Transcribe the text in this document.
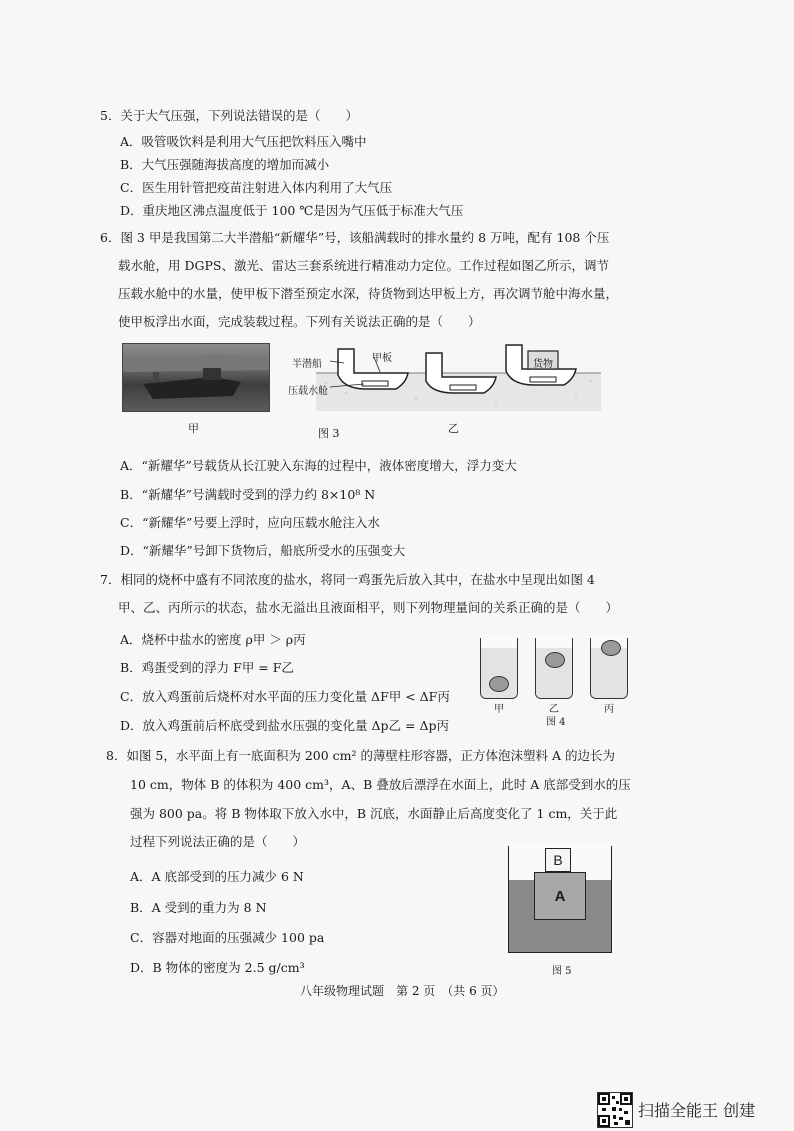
5．关于大气压强，下列说法错误的是（　　）
A．吸管吸饮料是利用大气压把饮料压入嘴中
B．大气压强随海拔高度的增加而减小
C．医生用针管把疫苗注射进入体内利用了大气压
D．重庆地区沸点温度低于 100 ℃是因为气压低于标准大气压
6．图 3 甲是我国第二大半潜船“新耀华”号，该船满载时的排水量约 8 万吨，配有 108 个压
载水舱，用 DGPS、激光、雷达三套系统进行精准动力定位。工作过程如图乙所示，调节
压载水舱中的水量，使甲板下潜至预定水深，待货物到达甲板上方，再次调节舱中海水量，
使甲板浮出水面，完成装载过程。下列有关说法正确的是（　　）
甲
半潜船
甲板
压载水舱
货物
图 3	乙
A．“新耀华”号载货从长江驶入东海的过程中，液体密度增大，浮力变大
B．“新耀华”号满载时受到的浮力约 8×10⁸ N
C．“新耀华”号要上浮时，应向压载水舱注入水
D．“新耀华”号卸下货物后，船底所受水的压强变大
7．相同的烧杯中盛有不同浓度的盐水，将同一鸡蛋先后放入其中，在盐水中呈现出如图 4
甲、乙、丙所示的状态，盐水无溢出且液面相平，则下列物理量间的关系正确的是（　　）
A．烧杯中盐水的密度 ρ甲 ＞ ρ丙
B．鸡蛋受到的浮力 F甲 = F乙
C．放入鸡蛋前后烧杯对水平面的压力变化量 ΔF甲 < ΔF丙
D．放入鸡蛋前后杯底受到盐水压强的变化量 Δp乙 = Δp丙
甲	乙	丙
图 4
8．如图 5，水平面上有一底面积为 200 cm² 的薄壁柱形容器，正方体泡沫塑料 A 的边长为
10 cm，物体 B 的体积为 400 cm³，A、B 叠放后漂浮在水面上，此时 A 底部受到水的压
强为 800 pa。将 B 物体取下放入水中，B 沉底，水面静止后高度变化了 1 cm，关于此
过程下列说法正确的是（　　）
A．A 底部受到的压力减少 6 N
B．A 受到的重力为 8 N
C．容器对地面的压强减少 100 pa
D．B 物体的密度为 2.5 g/cm³
A
B
图 5
八年级物理试题　第 2 页　（共 6 页）
扫描全能王 创建
